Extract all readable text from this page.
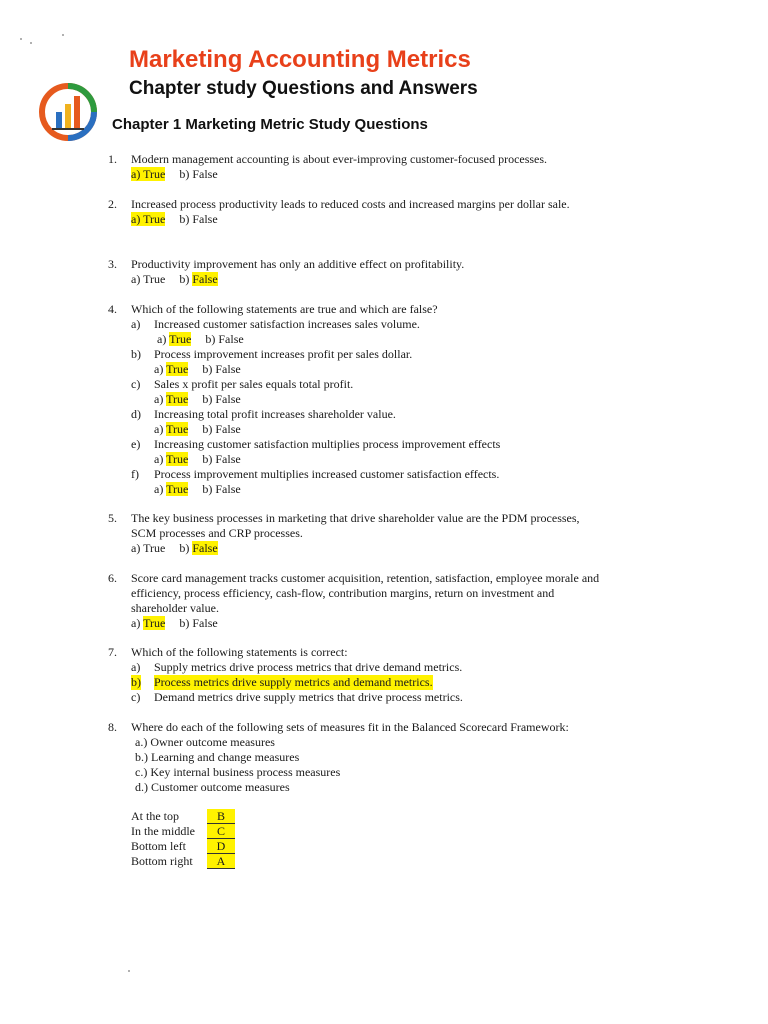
Marketing Accounting Metrics
Chapter study Questions and Answers
Chapter 1 Marketing Metric Study Questions
1. Modern management accounting is about ever-improving customer-focused processes.
a) True b) False
2. Increased process productivity leads to reduced costs and increased margins per dollar sale.
a) True b) False
3. Productivity improvement has only an additive effect on profitability.
a) True b) False
4. Which of the following statements are true and which are false?
a) Increased customer satisfaction increases sales volume.
a) True b) False
b) Process improvement increases profit per sales dollar.
a) True b) False
c) Sales x profit per sales equals total profit.
a) True b) False
d) Increasing total profit increases shareholder value.
a) True b) False
e) Increasing customer satisfaction multiplies process improvement effects
a) True b) False
f) Process improvement multiplies increased customer satisfaction effects.
a) True b) False
5. The key business processes in marketing that drive shareholder value are the PDM processes,
SCM processes and CRP processes.
a) True b) False
6. Score card management tracks customer acquisition, retention, satisfaction, employee morale and efficiency, process efficiency, cash-flow, contribution margins, return on investment and shareholder value.
a) True b) False
7. Which of the following statements is correct:
a) Supply metrics drive process metrics that drive demand metrics.
b) Process metrics drive supply metrics and demand metrics.
c) Demand metrics drive supply metrics that drive process metrics.
8. Where do each of the following sets of measures fit in the Balanced Scorecard Framework:
a.) Owner outcome measures
b.) Learning and change measures
c.) Key internal business process measures
d.) Customer outcome measures
At the top	B
In the middle	C
Bottom left	D
Bottom right	A
